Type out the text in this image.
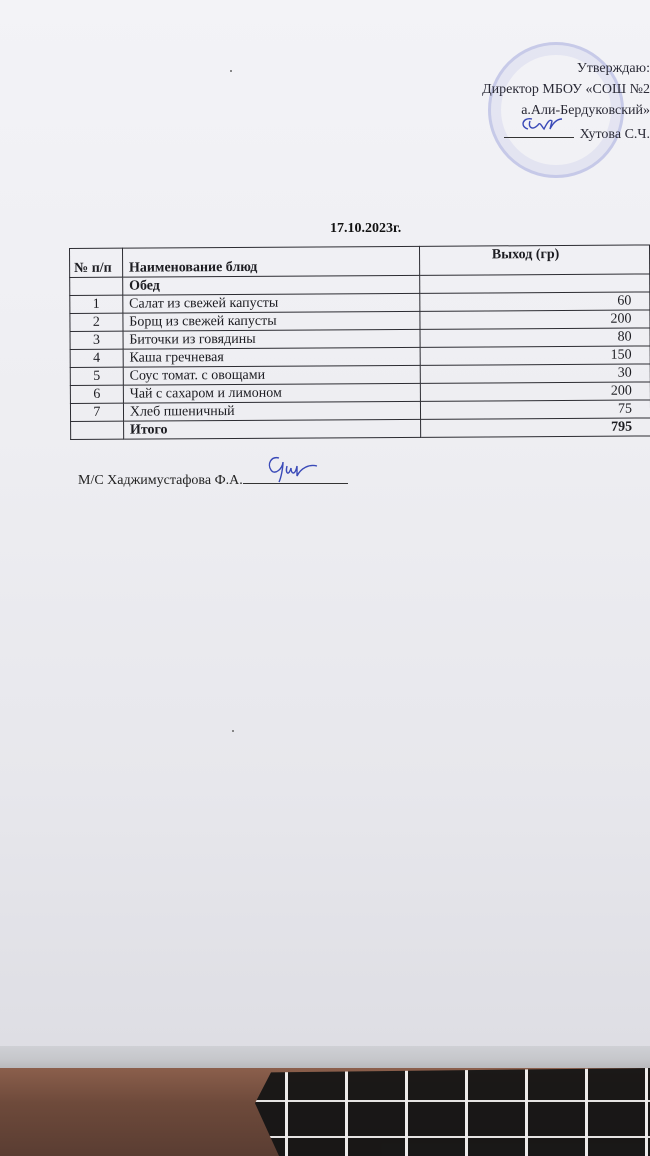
Утверждаю:
Директор МБОУ «СОШ №2
а.Али-Бердуковский»
Хутова С.Ч.
17.10.2023г.
№ п/п	Наименование блюд	Выход (гр)
	Обед	
1	Салат из свежей капусты	60
2	Борщ из свежей капусты	200
3	Биточки из говядины	80
4	Каша гречневая	150
5	Соус томат. с овощами	30
6	Чай с сахаром и лимоном	200
7	Хлеб пшеничный	75
	Итого	795
М/С Хаджимустафова Ф.А.
